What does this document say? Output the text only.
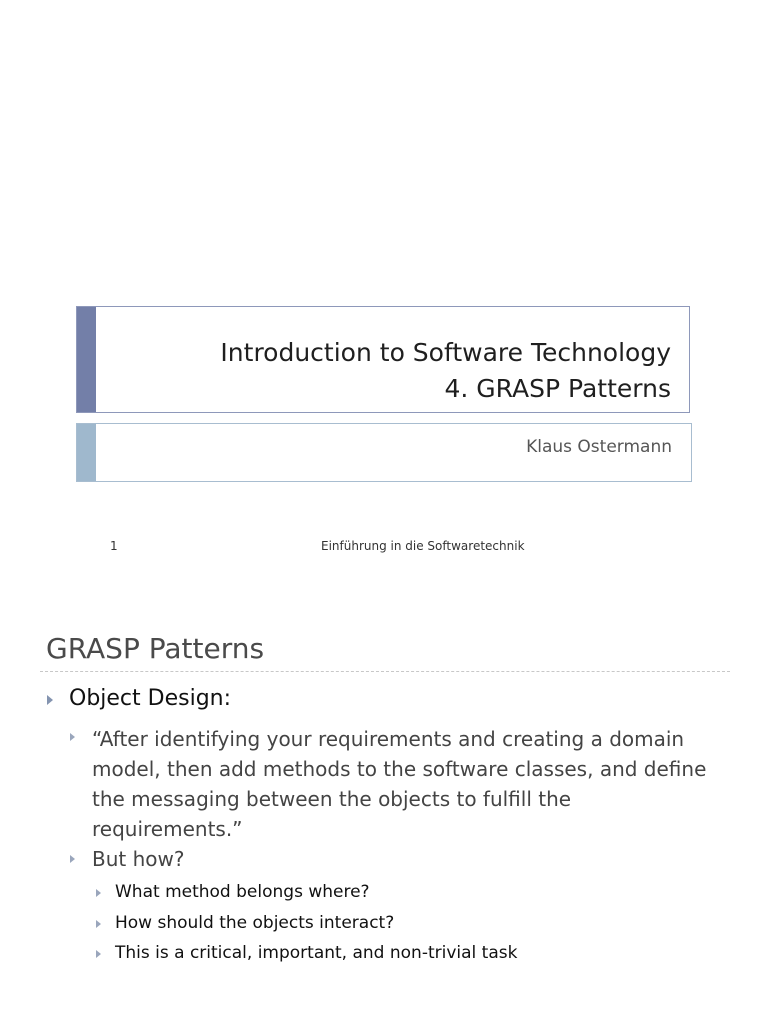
Introduction to Software Technology
4. GRASP Patterns
Klaus Ostermann
1	Einführung in die Softwaretechnik
GRASP Patterns
Object Design:
“After identifying your requirements and creating a domain model, then add methods to the software classes, and define the messaging between the objects to fulfill the requirements.”
But how?
What method belongs where?
How should the objects interact?
This is a critical, important, and non-trivial task
